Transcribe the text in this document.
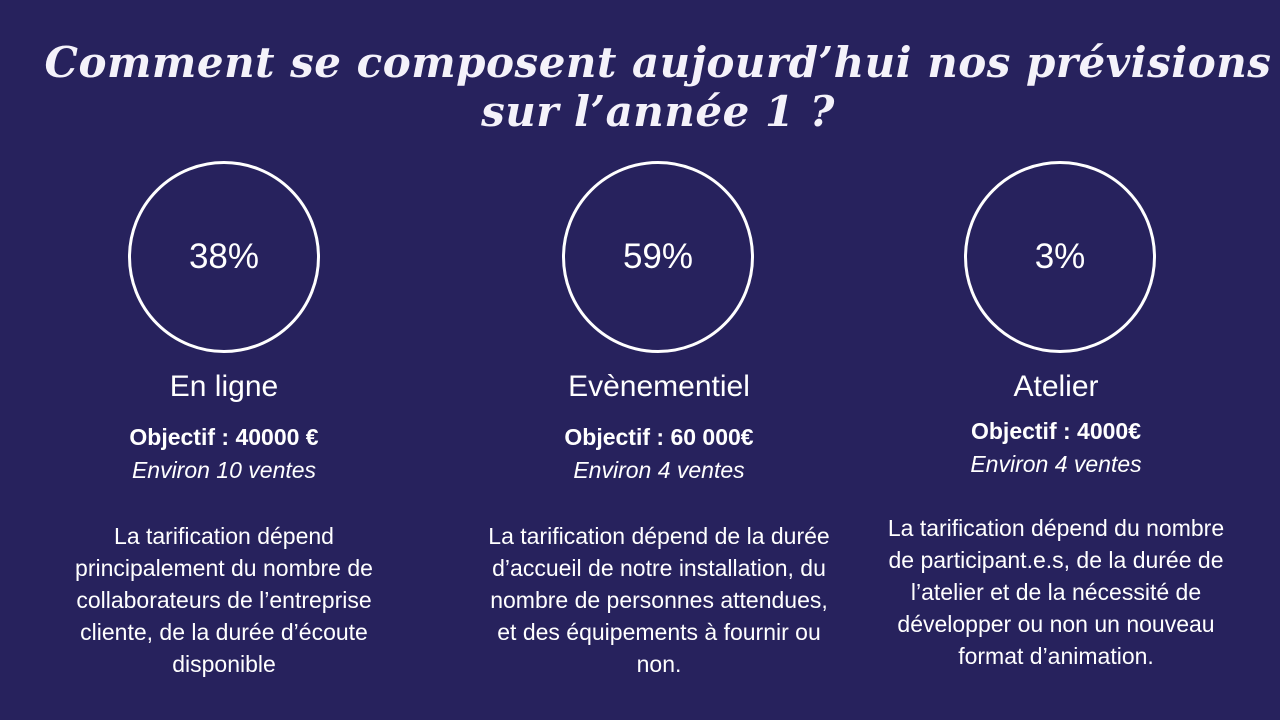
Comment se composent aujourd’hui nos prévisions sur l’année 1 ?
38%
En ligne
Objectif : 40000 €
Environ 10 ventes
La tarification dépend principalement du nombre de collaborateurs de l’entreprise cliente, de la durée d’écoute disponible
59%
Evènementiel
Objectif : 60 000€
Environ 4 ventes
La tarification dépend de la durée d’accueil de notre installation, du nombre de personnes attendues, et des équipements à fournir ou non.
3%
Atelier
Objectif : 4000€
Environ 4 ventes
La tarification dépend du nombre de participant.e.s, de la durée de l’atelier et de la nécessité de développer ou non un nouveau format d’animation.
